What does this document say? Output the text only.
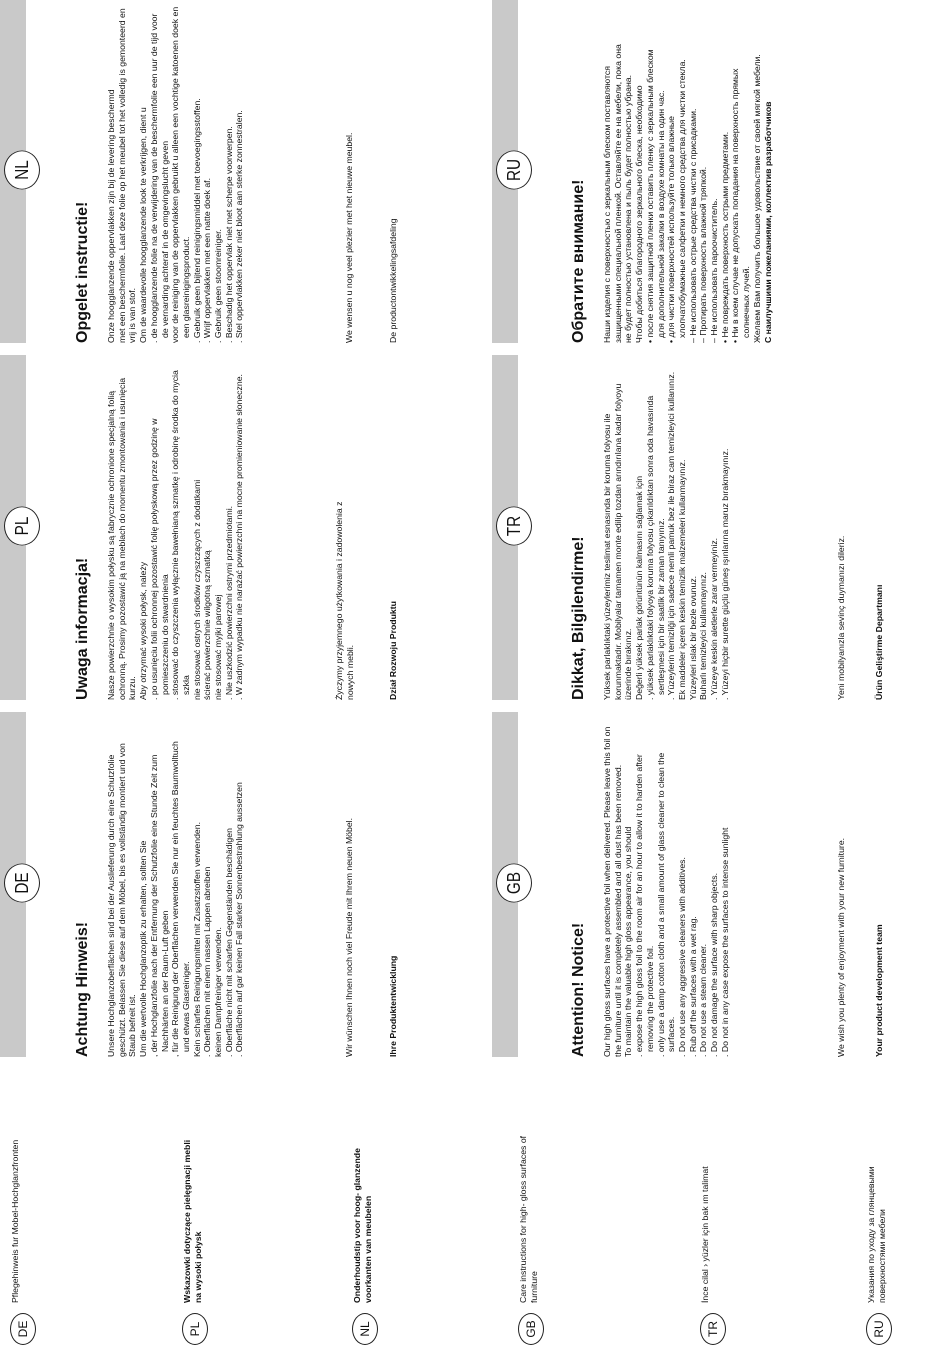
DE
Pflegehinweis fur Mobel-Hochglanzfronten
PL
Wskazowki dotyczące pielęgnacji mebli na wysoki połysk
NL
Onderhoudstip voor hoog- glanzende voorkanten van meubelen
GB
Care instructions for high- gloss surfaces of furniture
TR
İnce cilal › yüzler için bak ım talimat
RU
Указания по уходу за глянцевыми поверхностями мебели
DE
Achtung Hinweis! Unsere Hochglanzoberflächen sind bei der Auslieferung durch eine Schutzfolie geschützt. Belassen Sie diese auf dem Möbel, bis es vollständig montiert und von Staub befreit ist. Um die wertvolle Hochglanzoptik zu erhalten, sollten Sie , der Hochglanzfolie nach der Entfernung der Schutzfolie eine Stunde Zeit zum Nachhärten an der Raum-Luft geben , für die Reinigung der Oberflächen verwenden Sie nur ein feuchtes Baumwolltuch und etwas Glasreiniger. Kein scharfes Reinigungsmittel mit Zusatzstoffen verwenden. . Oberflächen mit einem nassen Lappen abreiben keinen Dampfreiniger verwenden. . Oberfläche nicht mit scharfen Gegenständen beschädigen . Oberflächen auf gar keinen Fall starker Sonnenbestrahlung aussetzen	Wir wünschen Ihnen noch viel Freude mit Ihrem neuen Möbel.	Ihre Produktentwicklung
GB
Attention! Notice! Our high gloss surfaces have a protective foil when delivered. Please leave this foil on the furniture until it is completely assembled and all dust has been removed. To maintain the valuable high gloss appearance, you should . expose the high gloss foil to the room air for an hour to allow it to harden after removing the protective foil. . only use a damp cotton cloth and a small amount of glass cleaner to clean the surfaces. . Do not use any aggressive cleaners with additives. . Rub off the surfaces with a wet rag. . Do not use a steam cleaner. . Do not damage the surface with sharp objects. . Do not in any case expose the surfaces to intense sunlight	We wish you plenty of enjoyment with your new furniture.	Your product development team
PL
Uwaga informacja! Nasze powierzchnie o wysokim połysku są fabrycznie ochronione specjalną folią ochronną. Prosimy pozostawić ją na meblach do momentu zmontowania i usunięcia kurzu. Aby otrzymać wysoki połysk, należy . po usunięciu folii ochronnej pozostawić folię połyskową przez godzinę w pomieszczeniu do stwardnienia . stosować do czyszczenia wyłącznie bawełnianą szmatkę i odrobinę środka do mycia szkła nie stosować ostrych środków czyszczących z dodatkami ścierać powierzchnie wilgotną szmatką nie stosować myjki parowej . Nie uszkodzić powierzchni ostrymi przedmiotami. . W żadnym wypadku nie narażać powierzchni na mocne promieniowanie słoneczne.	Życzymy przyjemnego użytkowania i zadowolenia z nowych mebli.	Dział Rozwoju Produktu
TR
Dikkat, Bilgilendirme! Yüksek parlaklıktaki yüzeylerimiz teslimat esnasında bir koruma folyosu ile korunmaktadır. Mobilyalar tamamen monte edilip tozdan arındırılana kadar folyoyu üzerinde bırakınız. Değerli yüksek parlak görüntünün kalmasını sağlamak için . yüksek parlaklıktaki folyoya koruma folyosu çıkarıldıktan sonra oda havasında sertleşmesi için bir saatlik bir zaman tanıyınız. . Yüzeylerin temizliği için sadece nemli pamuk bez ile biraz cam temizleyici kullanınız. Ek maddeler içeren keskin temizlik malzemeleri kullanmayınız. Yüzeyleri ıslak bir bezle ovunuz. Buharlı temizleyici kullanmayınız. . Yüzeye keskin aletlerle zarar vermeyiniz. . Yüzeyi hiçbir surette güçlü güneş ışınlarına maruz bırakmayınız.	Yeni mobilyanızla sevinç duymanızı dileriz.	Ürün Geliştirme Departmanı
NL
Opgelet instructie! Onze hoogglanzende oppervlakken zijn bij de levering beschermd met een beschermfolie. Laat deze folie op het meubel tot het volledig is gemonteerd en vrij is van stof. Om de waardevolle hoogglanzende look te verkrijgen, dient u . de hoogglanzende folie na de verwijdering van de beschermfolie een uur de tijd voor de vernarding achteraf in de omgevingslucht geven voor de reiniging van de oppervlakken gebruikt u alleen een vochtige katoenen doek en een glasreinigingsproduct. . Gebruik geen bijtend reinigingsmiddel met toevoegingsstoffen. . Wrijf oppervlakken met een natte doek af. . Gebruik geen stoomreiniger. . Beschadig het oppervlak niet met scherpe voorwerpen. . Stel oppervlakken zeker niet bloot aan sterke zonnestralen.	We wensen u nog veel plezier met het nieuwe meubel.	De productontwikkelingsafdeling
RU
Обратите внимание! Наши изделия с поверхностью с зеркальным блеском поставляются защищенными специальной пленкой. Оставляйте ее на мебели, пока она не будет полностью установлена и пыль будет полностью убрана. Чтобы добиться благородного зеркального блеска, необходимо • после снятия защитной пленки оставить пленку с зеркальным блеском для дополнительной закалки в воздухе комнаты на один час. • для чистки поверхностей используйте только влажные хлопчатобумажные салфетки и немного средства для чистки стекла. – Не использовать острые средства чистки с присадками. – Протирать поверхность влажной тряпкой. – Не использовать пароочиститель. • Не повреждать поверхность острыми предметами. • Ни в коем случае не допускать попадания на поверхность прямых солнечных лучей. Желаем Вам получить большое удовольствие от своей мягкой мебели. С наилучшими пожеланиями, коллектив разработчиков
